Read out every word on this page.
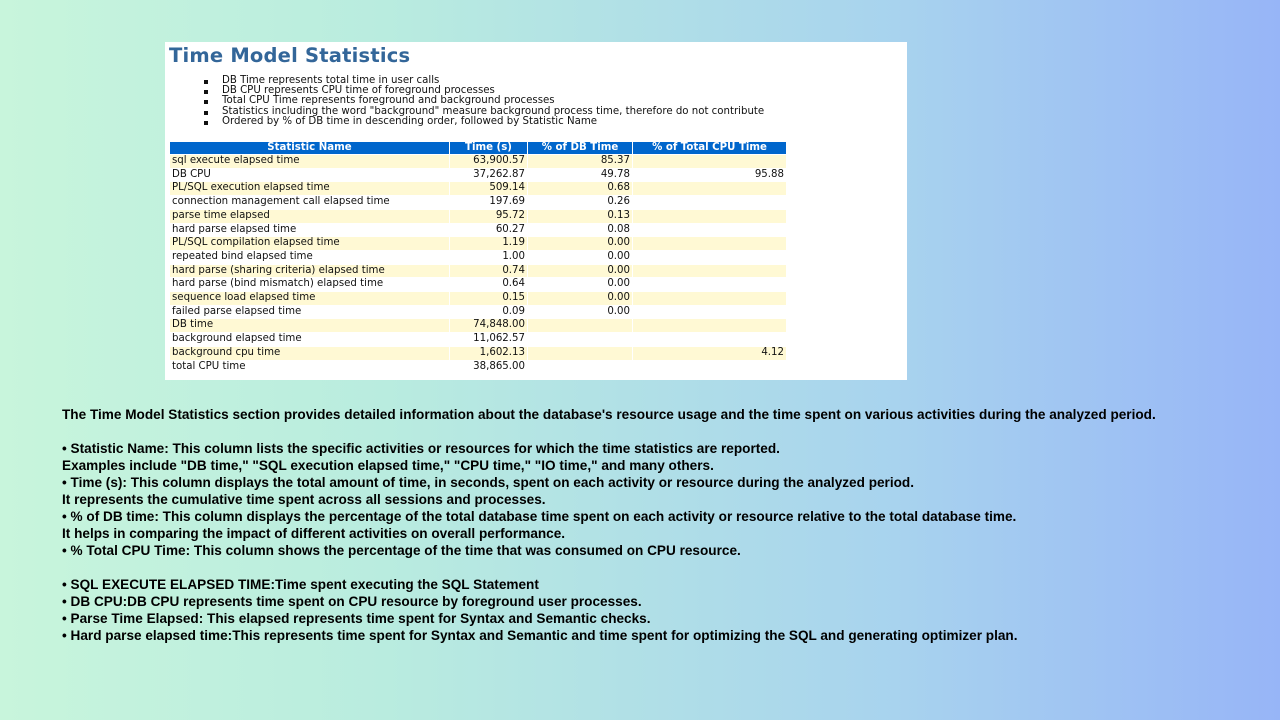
Time Model Statistics
DB Time represents total time in user calls
DB CPU represents CPU time of foreground processes
Total CPU Time represents foreground and background processes
Statistics including the word "background" measure background process time, therefore do not contribute
Ordered by % of DB time in descending order, followed by Statistic Name
Statistic Name	Time (s)	% of DB Time	% of Total CPU Time
sql execute elapsed time	63,900.57	85.37	
DB CPU	37,262.87	49.78	95.88
PL/SQL execution elapsed time	509.14	0.68	
connection management call elapsed time	197.69	0.26	
parse time elapsed	95.72	0.13	
hard parse elapsed time	60.27	0.08	
PL/SQL compilation elapsed time	1.19	0.00	
repeated bind elapsed time	1.00	0.00	
hard parse (sharing criteria) elapsed time	0.74	0.00	
hard parse (bind mismatch) elapsed time	0.64	0.00	
sequence load elapsed time	0.15	0.00	
failed parse elapsed time	0.09	0.00	
DB time	74,848.00		
background elapsed time	11,062.57		
background cpu time	1,602.13		4.12
total CPU time	38,865.00		

The Time Model Statistics section provides detailed information about the database's resource usage and the time spent on various activities during the analyzed period.

• Statistic Name: This column lists the specific activities or resources for which the time statistics are reported.

Examples include "DB time," "SQL execution elapsed time," "CPU time," "IO time," and many others.

• Time (s): This column displays the total amount of time, in seconds, spent on each activity or resource during the analyzed period.

It represents the cumulative time spent across all sessions and processes.

• % of DB time: This column displays the percentage of the total database time spent on each activity or resource relative to the total database time.

It helps in comparing the impact of different activities on overall performance.

• % Total CPU Time: This column shows the percentage of the time that was consumed on CPU resource.

• SQL EXECUTE ELAPSED TIME:Time spent executing the SQL Statement

• DB CPU:DB CPU represents time spent on CPU resource by foreground user processes.

• Parse Time Elapsed: This elapsed represents time spent for Syntax and Semantic checks.

• Hard parse elapsed time:This represents time spent for Syntax and Semantic and time spent for optimizing the SQL and generating optimizer plan.
